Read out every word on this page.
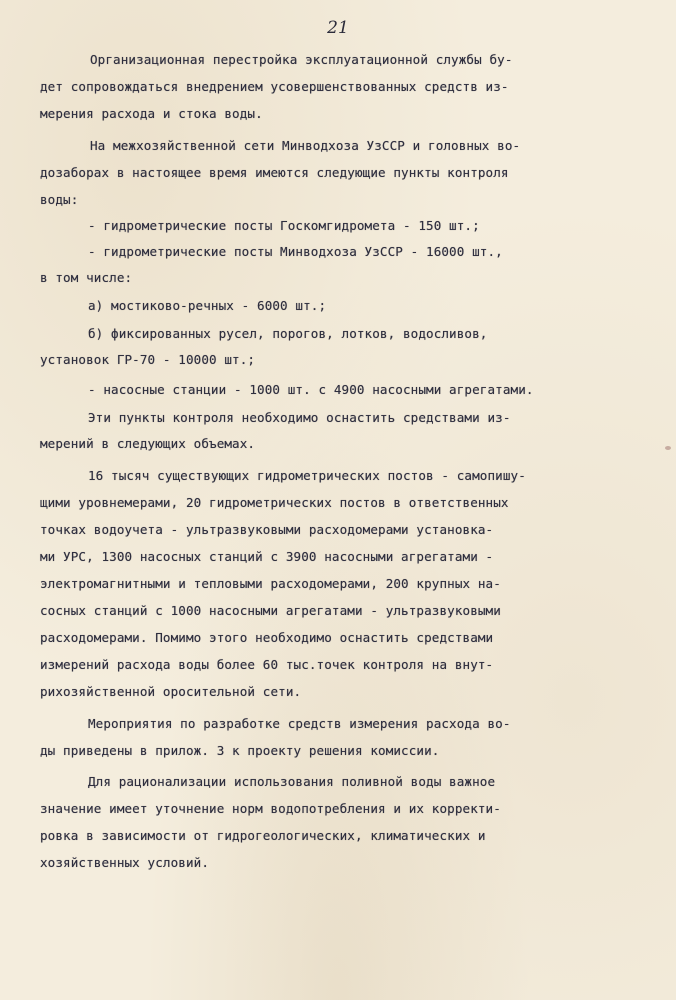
21
Организационная перестройка эксплуатационной службы бу-
дет сопровождаться внедрением усовершенствованных средств из-
мерения расхода и стока воды.
На межхозяйственной сети Минводхоза УзССР и головных во-
дозаборах в настоящее время имеются следующие пункты контроля
воды:
- гидрометрические посты Госкомгидромета - 150 шт.;
- гидрометрические посты Минводхоза УзССР - 16000 шт.,
в том числе:
а) мостиково-речных - 6000 шт.;
б) фиксированных русел, порогов, лотков, водосливов,
установок ГР-70 - 10000 шт.;
- насосные станции - 1000 шт. с 4900 насосными агрегатами.
Эти пункты контроля необходимо оснастить средствами из-
мерений в следующих объемах.
16 тысяч существующих гидрометрических постов - самопишу-
щими уровнемерами, 20 гидрометрических постов в ответственных
точках водоучета - ультразвуковыми расходомерами установка-
ми УРС, 1300 насосных станций с 3900 насосными агрегатами -
электромагнитными и тепловыми расходомерами, 200 крупных на-
сосных станций с 1000 насосными агрегатами - ультразвуковыми
расходомерами. Помимо этого необходимо оснастить средствами
измерений расхода воды более 60 тыс.точек контроля на внут-
рихозяйственной оросительной сети.
Мероприятия по разработке средств измерения расхода во-
ды приведены в прилож. 3 к проекту решения комиссии.
Для рационализации использования поливной воды важное
значение имеет уточнение норм водопотребления и их корректи-
ровка в зависимости от гидрогеологических, климатических и
хозяйственных условий.
